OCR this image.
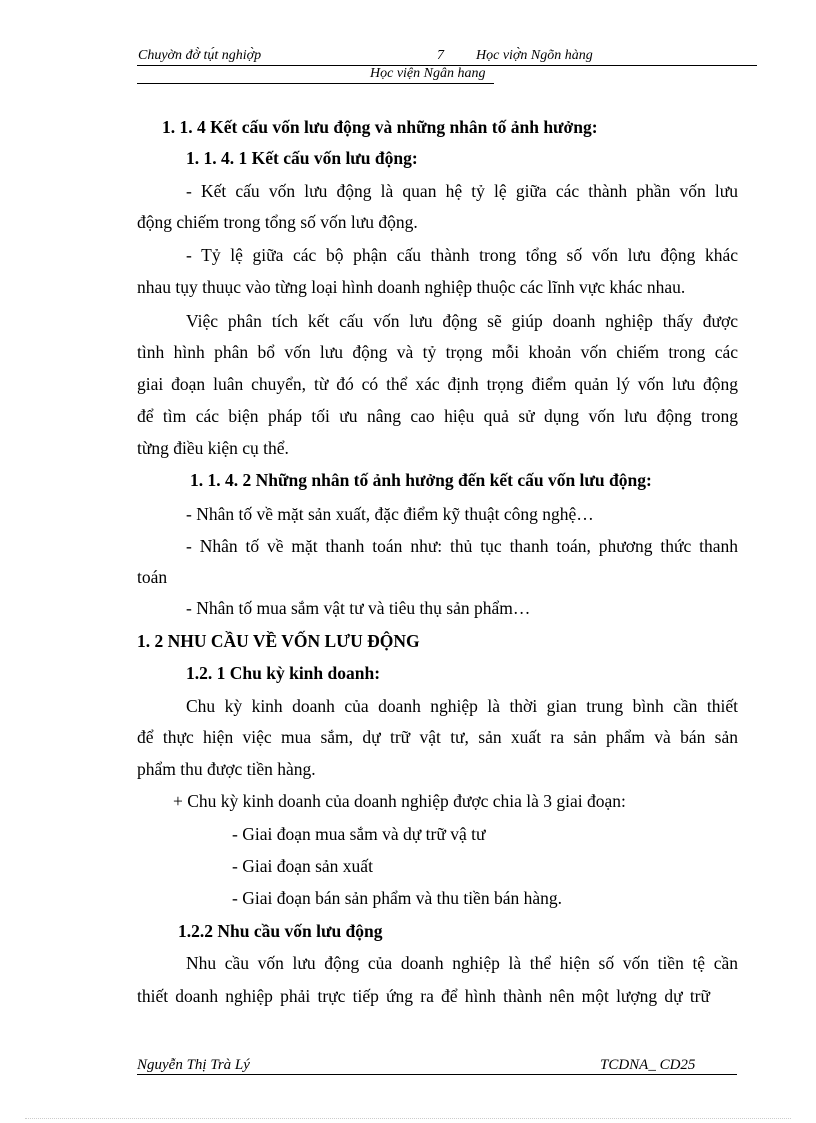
Chuyờn đờ̀ tụ́t nghiợ̀p	7 Học viợ̀n Ngõn hàng
Học viện Ngân hang
1. 1. 4 Kết cấu vốn lưu động và những nhân tố ảnh hưởng:
1. 1. 4. 1 Kết cấu vốn lưu động:
- Kết cấu vốn lưu động là quan hệ tỷ lệ giữa các thành phần vốn lưu
động chiếm trong tổng số vốn lưu động.
- Tỷ lệ giữa các bộ phận cấu thành trong tổng số vốn lưu động khác
nhau tụy thuục vào từng loại hình doanh nghiệp thuộc các lĩnh vực khác nhau.
Việc phân tích kết cấu vốn lưu động sẽ giúp doanh nghiệp thấy được
tình hình phân bổ vốn lưu động và tỷ trọng mỗi khoản vốn chiếm trong các
giai đoạn luân chuyển, từ đó có thể xác định trọng điểm quản lý vốn lưu động
để tìm các biện pháp tối ưu nâng cao hiệu quả sử dụng vốn lưu động trong
từng điều kiện cụ thể.
1. 1. 4. 2 Những nhân tố ảnh hưởng đến kết cấu vốn lưu động:
- Nhân tố về mặt sản xuất, đặc điểm kỹ thuật công nghệ…
- Nhân tố về mặt thanh toán như: thủ tục thanh toán, phương thức thanh
toán
- Nhân tố mua sắm vật tư và tiêu thụ sản phẩm…
1. 2 NHU CẦU VỀ VỐN LƯU ĐỘNG
1.2. 1 Chu kỳ kinh doanh:
Chu kỳ kinh doanh của doanh nghiệp là thời gian trung bình cần thiết
để thực hiện việc mua sắm, dự trữ vật tư, sản xuất ra sản phẩm và bán sản
phẩm thu được tiền hàng.
+ Chu kỳ kinh doanh của doanh nghiệp được chia là 3 giai đoạn:
- Giai đoạn mua sắm và dự trữ vậ tư
- Giai đoạn sản xuất
- Giai đoạn bán sản phẩm và thu tiền bán hàng.
1.2.2 Nhu cầu vốn lưu động
Nhu cầu vốn lưu động của doanh nghiệp là thể hiện số vốn tiền tệ cần
thiết doanh nghiệp phải trực tiếp ứng ra để hình thành nên một lượng dự trữ
Nguyễn Thị Trà Lý	TCDNA_ CD25
